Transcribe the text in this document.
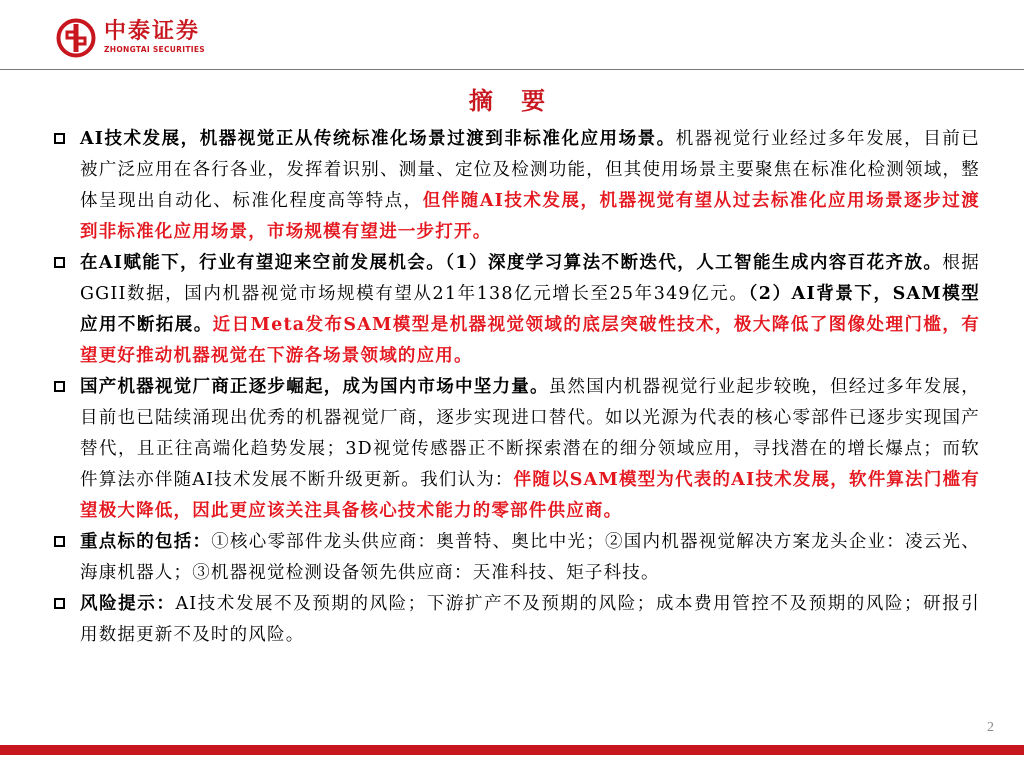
中泰证券
ZHONGTAI SECURITIES
摘 要
AI技术发展，机器视觉正从传统标准化场景过渡到非标准化应用场景。机器视觉行业经过多年发展，目前已被广泛应用在各行各业，发挥着识别、测量、定位及检测功能，但其使用场景主要聚焦在标准化检测领域，整体呈现出自动化、标准化程度高等特点，但伴随AI技术发展，机器视觉有望从过去标准化应用场景逐步过渡到非标准化应用场景，市场规模有望进一步打开。
在AI赋能下，行业有望迎来空前发展机会。（1）深度学习算法不断迭代，人工智能生成内容百花齐放。根据GGII数据，国内机器视觉市场规模有望从21年138亿元增长至25年349亿元。（2）AI背景下，SAM模型应用不断拓展。近日Meta发布SAM模型是机器视觉领域的底层突破性技术，极大降低了图像处理门槛，有望更好推动机器视觉在下游各场景领域的应用。
国产机器视觉厂商正逐步崛起，成为国内市场中坚力量。虽然国内机器视觉行业起步较晚，但经过多年发展，目前也已陆续涌现出优秀的机器视觉厂商，逐步实现进口替代。如以光源为代表的核心零部件已逐步实现国产替代，且正往高端化趋势发展；3D视觉传感器正不断探索潜在的细分领域应用，寻找潜在的增长爆点；而软件算法亦伴随AI技术发展不断升级更新。我们认为：伴随以SAM模型为代表的AI技术发展，软件算法门槛有望极大降低，因此更应该关注具备核心技术能力的零部件供应商。
重点标的包括：①核心零部件龙头供应商：奥普特、奥比中光；②国内机器视觉解决方案龙头企业：凌云光、海康机器人；③机器视觉检测设备领先供应商：天准科技、矩子科技。
风险提示：AI技术发展不及预期的风险；下游扩产不及预期的风险；成本费用管控不及预期的风险；研报引用数据更新不及时的风险。
2
